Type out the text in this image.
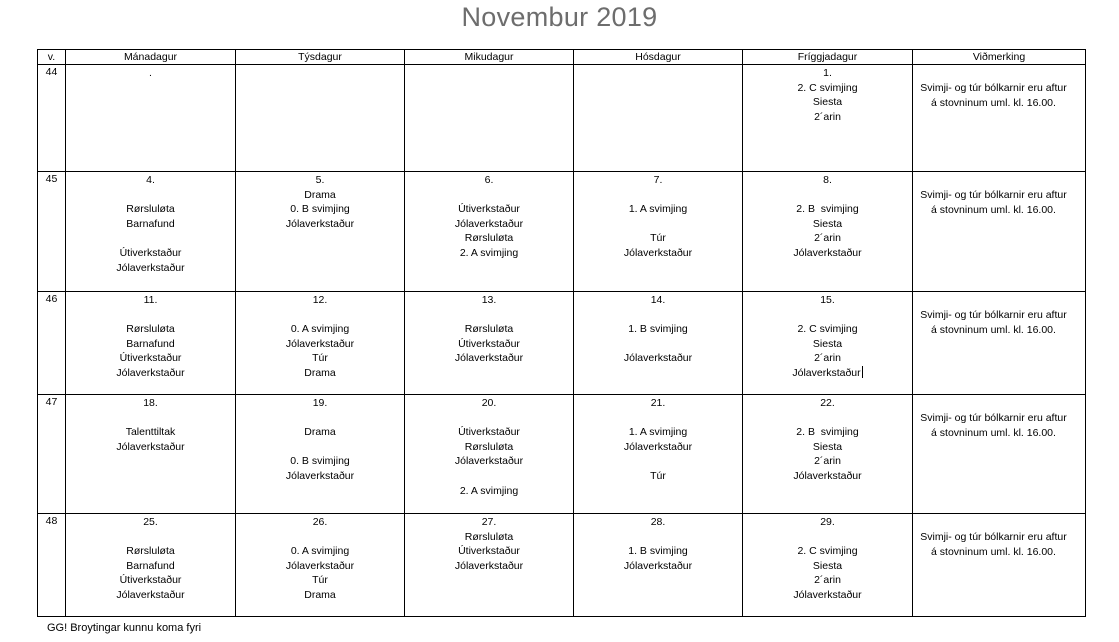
Novembur 2019
v.	Mánadagur	Týsdagur	Mikudagur	Hósdagur	Fríggjadagur	Viðmerking
44	.				1.
2. C svimjing
Siesta
2´arin	Svimji- og túr bólkarnir eru aftur á stovninum uml. kl. 16.00.

45	4.
Rørsluløta
Barnafund
Útiverkstaður
Jólaverkstaður	5.
Drama
0. B svimjing
Jólaverkstaður	6.
Útiverkstaður
Jólaverkstaður
Rørsluløta
2. A svimjing	7.
1. A svimjing
Túr
Jólaverkstaður	8.
2. B  svimjing
Siesta
2´arin
Jólaverkstaður	Svimji- og túr bólkarnir eru aftur á stovninum uml. kl. 16.00.

46	11.
Rørsluløta
Barnafund
Útiverkstaður
Jólaverkstaður	12.
0. A svimjing
Jólaverkstaður
Túr
Drama	13.
Rørsluløta
Útiverkstaður
Jólaverkstaður	14.
1. B svimjing
Jólaverkstaður	15.
2. C svimjing
Siesta
2´arin
Jólaverkstaður	Svimji- og túr bólkarnir eru aftur á stovninum uml. kl. 16.00.

47	18.
Talenttiltak
Jólaverkstaður	19.
Drama
0. B svimjing
Jólaverkstaður	20.
Útiverkstaður
Rørsluløta
Jólaverkstaður
2. A svimjing	21.
1. A svimjing
Jólaverkstaður
Túr	22.
2. B  svimjing
Siesta
2´arin
Jólaverkstaður	Svimji- og túr bólkarnir eru aftur á stovninum uml. kl. 16.00.

48	25.
Rørsluløta
Barnafund
Útiverkstaður
Jólaverkstaður	26.
0. A svimjing
Jólaverkstaður
Túr
Drama	27.
Rørsluløta
Útiverkstaður
Jólaverkstaður	28.
1. B svimjing
Jólaverkstaður	29.
2. C svimjing
Siesta
2´arin
Jólaverkstaður	Svimji- og túr bólkarnir eru aftur á stovninum uml. kl. 16.00.
GG! Broytingar kunnu koma fyri
